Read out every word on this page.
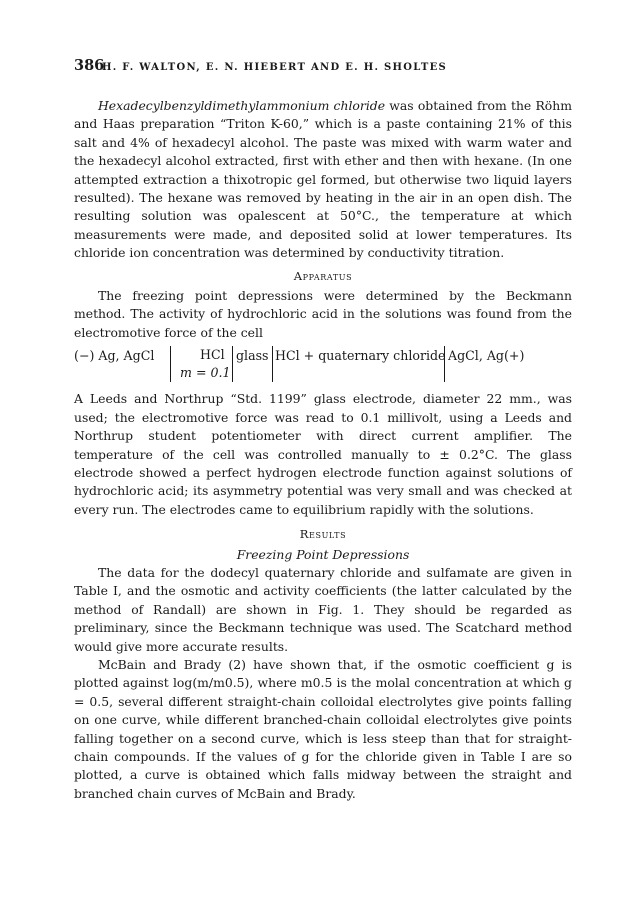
386
H. F. WALTON, E. N. HIEBERT AND E. H. SHOLTES

Hexadecylbenzyldimethylammonium chloride was obtained from the Röhm and Haas preparation “Triton K-60,” which is a paste containing 21% of this salt and 4% of hexadecyl alcohol. The paste was mixed with warm water and the hexadecyl alcohol extracted, first with ether and then with hexane. (In one attempted extraction a thixotropic gel formed, but otherwise two liquid layers resulted). The hexane was removed by heating in the air in an open dish. The resulting solution was opalescent at 50°C., the temperature at which measurements were made, and deposited solid at lower temperatures. Its chloride ion concentration was determined by conductivity titration.

Apparatus

The freezing point depressions were determined by the Beckmann method. The activity of hydrochloric acid in the solutions was found from the electromotive force of the cell

(−) Ag, AgCl	HCl
m = 0.1
glass HCl + quaternary chloride AgCl, Ag(+)

A Leeds and Northrup “Std. 1199” glass electrode, diameter 22 mm., was used; the electromotive force was read to 0.1 millivolt, using a Leeds and Northrup student potentiometer with direct current amplifier. The temperature of the cell was controlled manually to ± 0.2°C. The glass electrode showed a perfect hydrogen electrode function against solutions of hydrochloric acid; its asymmetry potential was very small and was checked at every run. The electrodes came to equilibrium rapidly with the solutions.

Results

Freezing Point Depressions

The data for the dodecyl quaternary chloride and sulfamate are given in Table I, and the osmotic and activity coefficients (the latter calculated by the method of Randall) are shown in Fig. 1. They should be regarded as preliminary, since the Beckmann technique was used. The Scatchard method would give more accurate results.

McBain and Brady (2) have shown that, if the osmotic coefficient g is plotted against log(m/m0.5), where m0.5 is the molal concentration at which g = 0.5, several different straight-chain colloidal electrolytes give points falling on one curve, while different branched-chain colloidal electrolytes give points falling together on a second curve, which is less steep than that for straight-chain compounds. If the values of g for the chloride given in Table I are so plotted, a curve is obtained which falls midway between the straight and branched chain curves of McBain and Brady.
